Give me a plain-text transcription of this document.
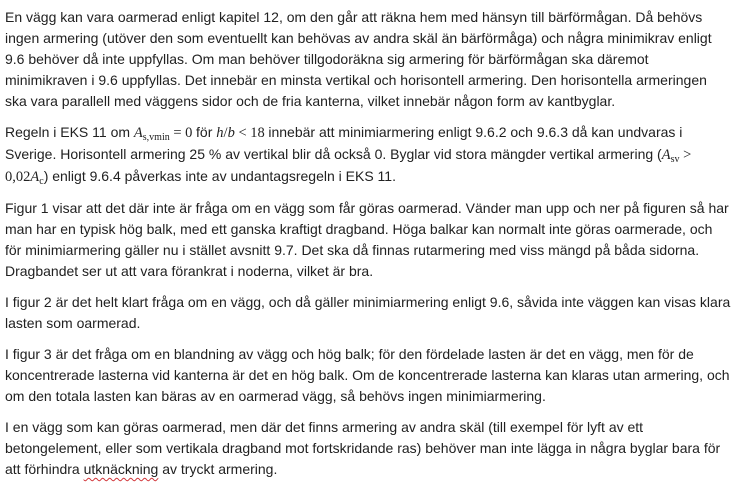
En vägg kan vara oarmerad enligt kapitel 12, om den går att räkna hem med hänsyn till bärförmågan. Då behövs ingen armering (utöver den som eventuellt kan behövas av andra skäl än bärförmåga) och några minimikrav enligt 9.6 behöver då inte uppfyllas. Om man behöver tillgodoräkna sig armering för bärförmågan ska däremot minimikraven i 9.6 uppfyllas. Det innebär en minsta vertikal och horisontell armering. Den horisontella armeringen ska vara parallell med väggens sidor och de fria kanterna, vilket innebär någon form av kantbyglar.

Regeln i EKS 11 om $A_{s,vmin} = 0$ för h/b < 18 innebär att minimiarmering enligt 9.6.2 och 9.6.3 då kan undvaras i Sverige. Horisontell armering 25 % av vertikal blir då också 0. Byglar vid stora mängder vertikal armering $(A_{sv} > 0,02A_c)$ enligt 9.6.4 påverkas inte av undantagsregeln i EKS 11.

Figur 1 visar att det där inte är fråga om en vägg som får göras oarmerad. Vänder man upp och ner på figuren så har man har en typisk hög balk, med ett ganska kraftigt dragband. Höga balkar kan normalt inte göras oarmerade, och för minimiarmering gäller nu i stället avsnitt 9.7. Det ska då finnas rutarmering med viss mängd på båda sidorna. Dragbandet ser ut att vara förankrat i noderna, vilket är bra.

I figur 2 är det helt klart fråga om en vägg, och då gäller minimiarmering enligt 9.6, såvida inte väggen kan visas klara lasten som oarmerad.

I figur 3 är det fråga om en blandning av vägg och hög balk; för den fördelade lasten är det en vägg, men för de koncentrerade lasterna vid kanterna är det en hög balk. Om de koncentrerade lasterna kan klaras utan armering, och om den totala lasten kan bäras av en oarmerad vägg, så behövs ingen minimiarmering.

I en vägg som kan göras oarmerad, men där det finns armering av andra skäl (till exempel för lyft av ett betongelement, eller som vertikala dragband mot fortskridande ras) behöver man inte lägga in några byglar bara för att förhindra utknäckning av tryckt armering.
